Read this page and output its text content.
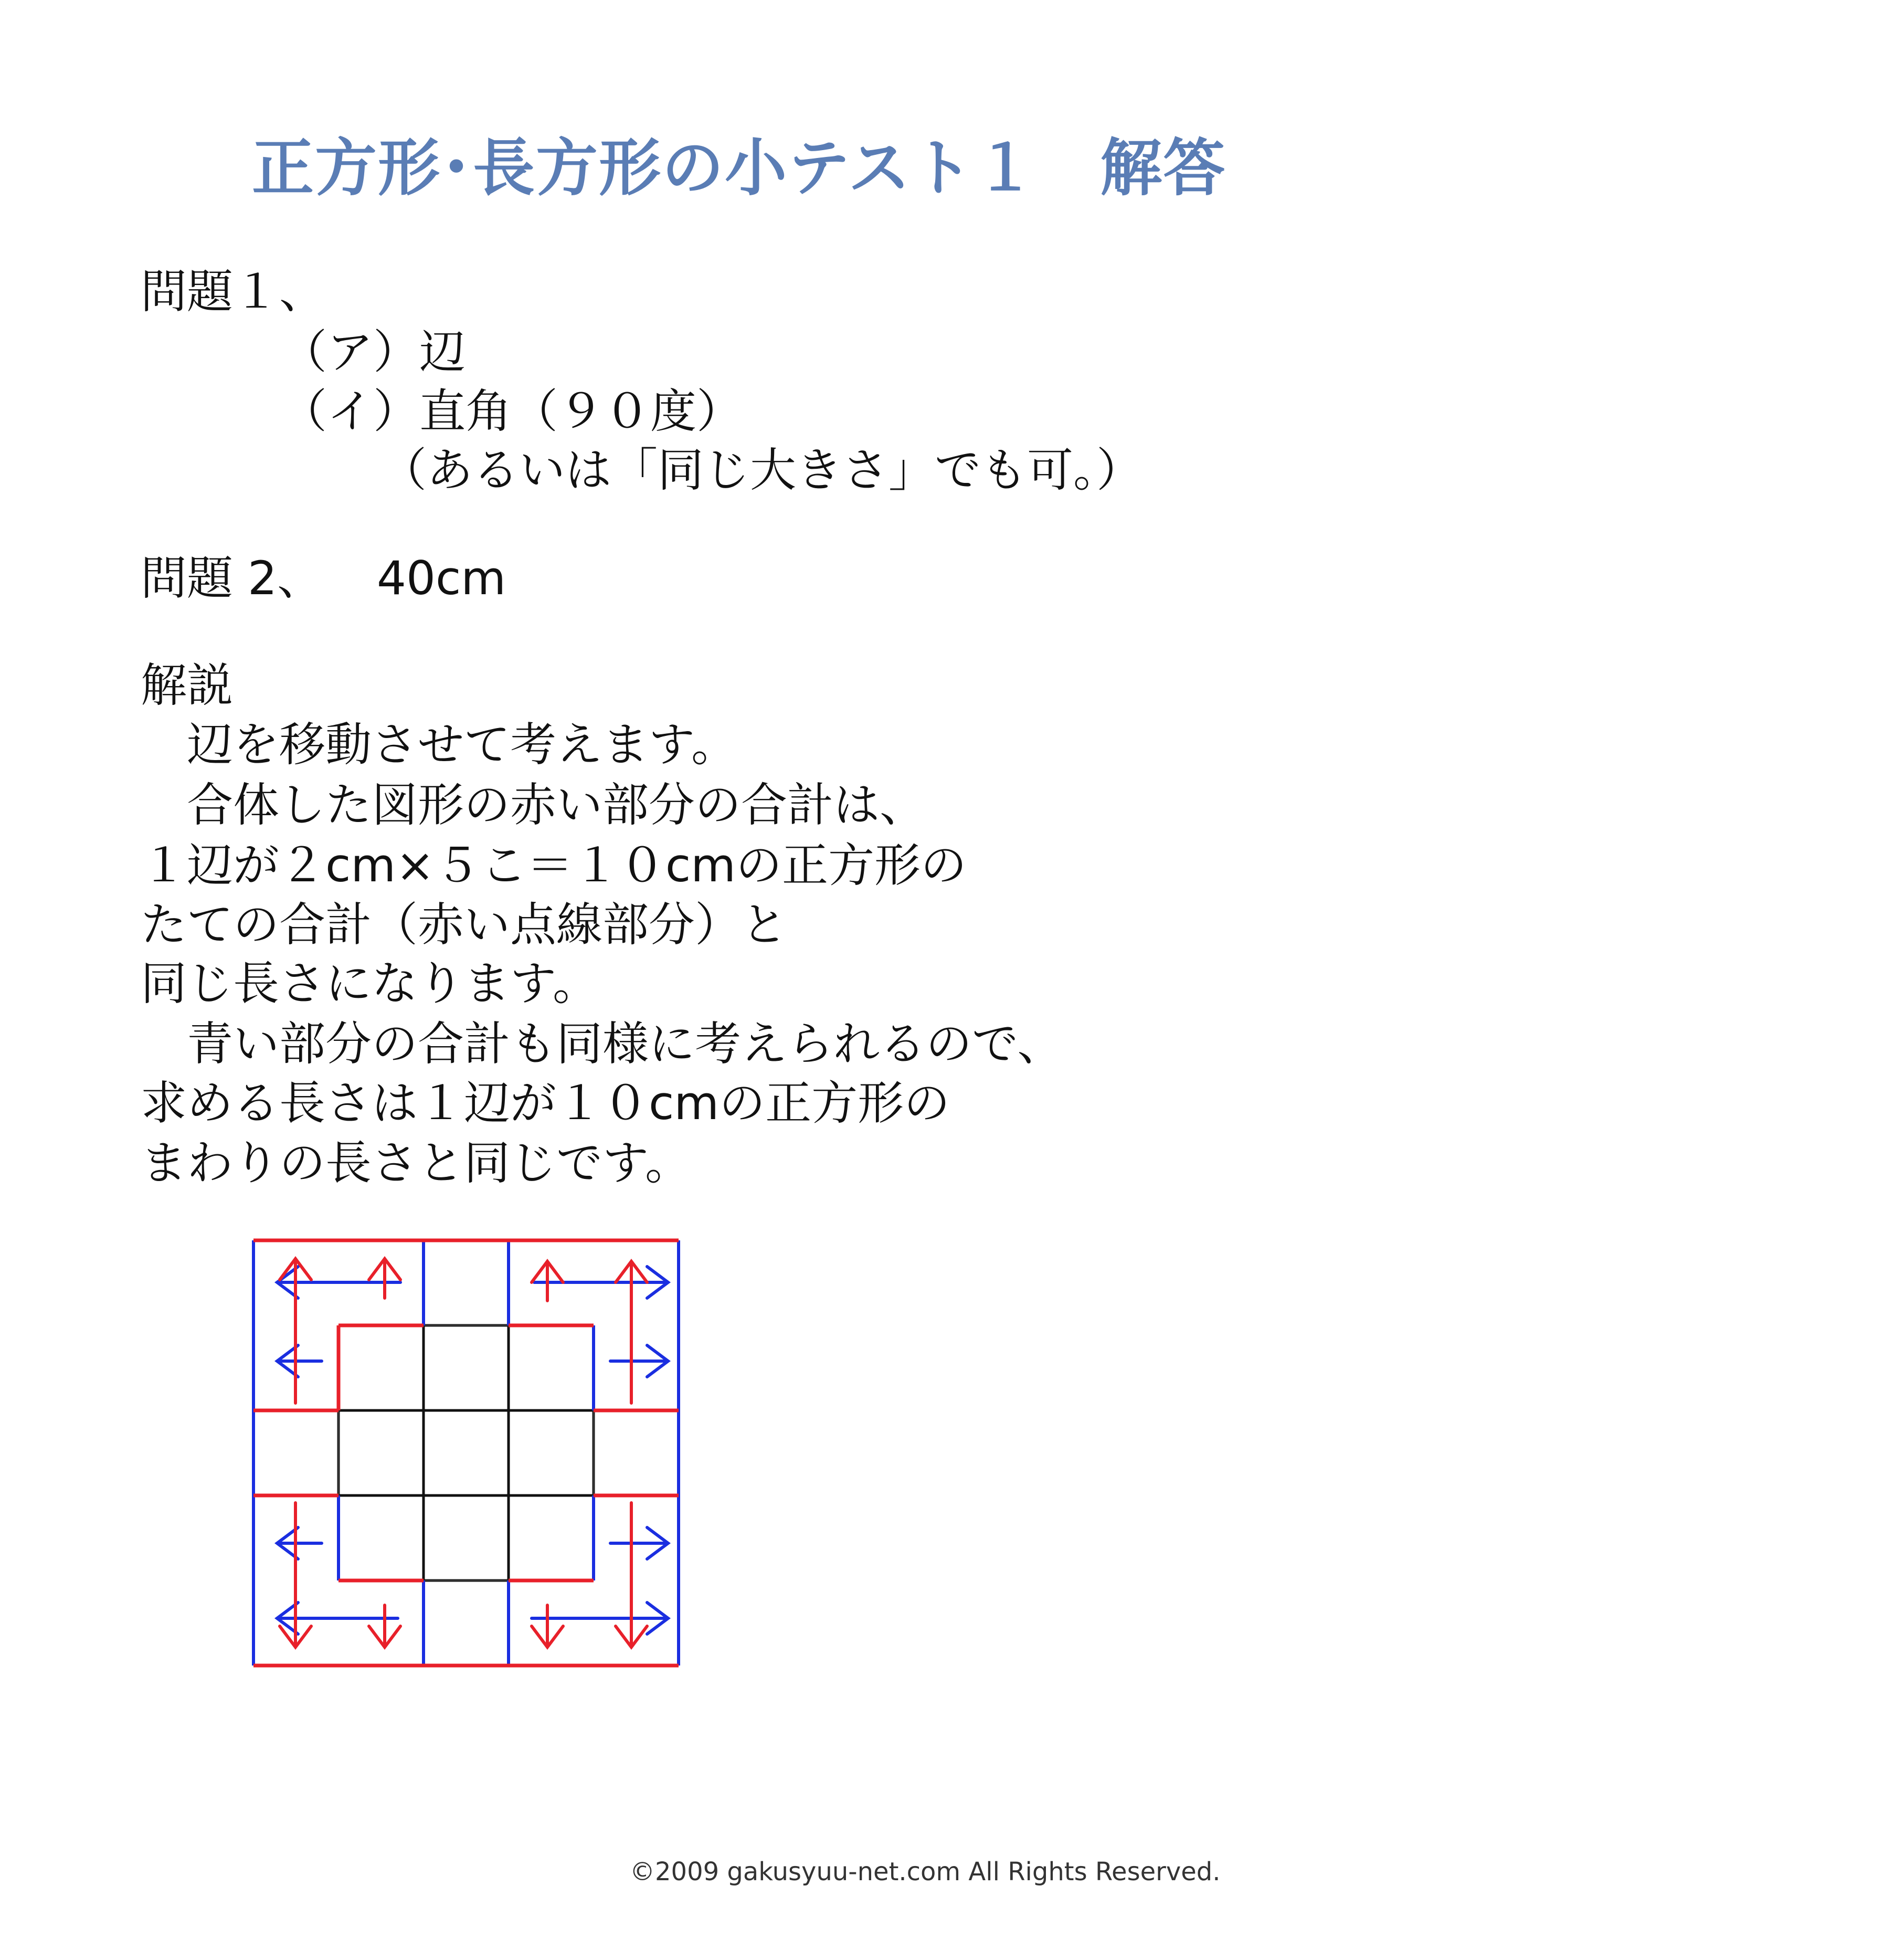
正方形･長方形の小テスト１　解答
問題１、
（ア）辺
（イ）直角（９０度）
（あるいは「同じ大きさ」でも可。）
問題 2、 40cm
解説
　辺を移動させて考えます。
　合体した図形の赤い部分の合計は、
１辺が２cm×５こ＝１０cmの正方形の
たての合計（赤い点線部分）と
同じ長さになります。
　青い部分の合計も同様に考えられるので、
求める長さは１辺が１０cmの正方形の
まわりの長さと同じです。
©2009 gakusyuu-net.com All Rights Reserved.
